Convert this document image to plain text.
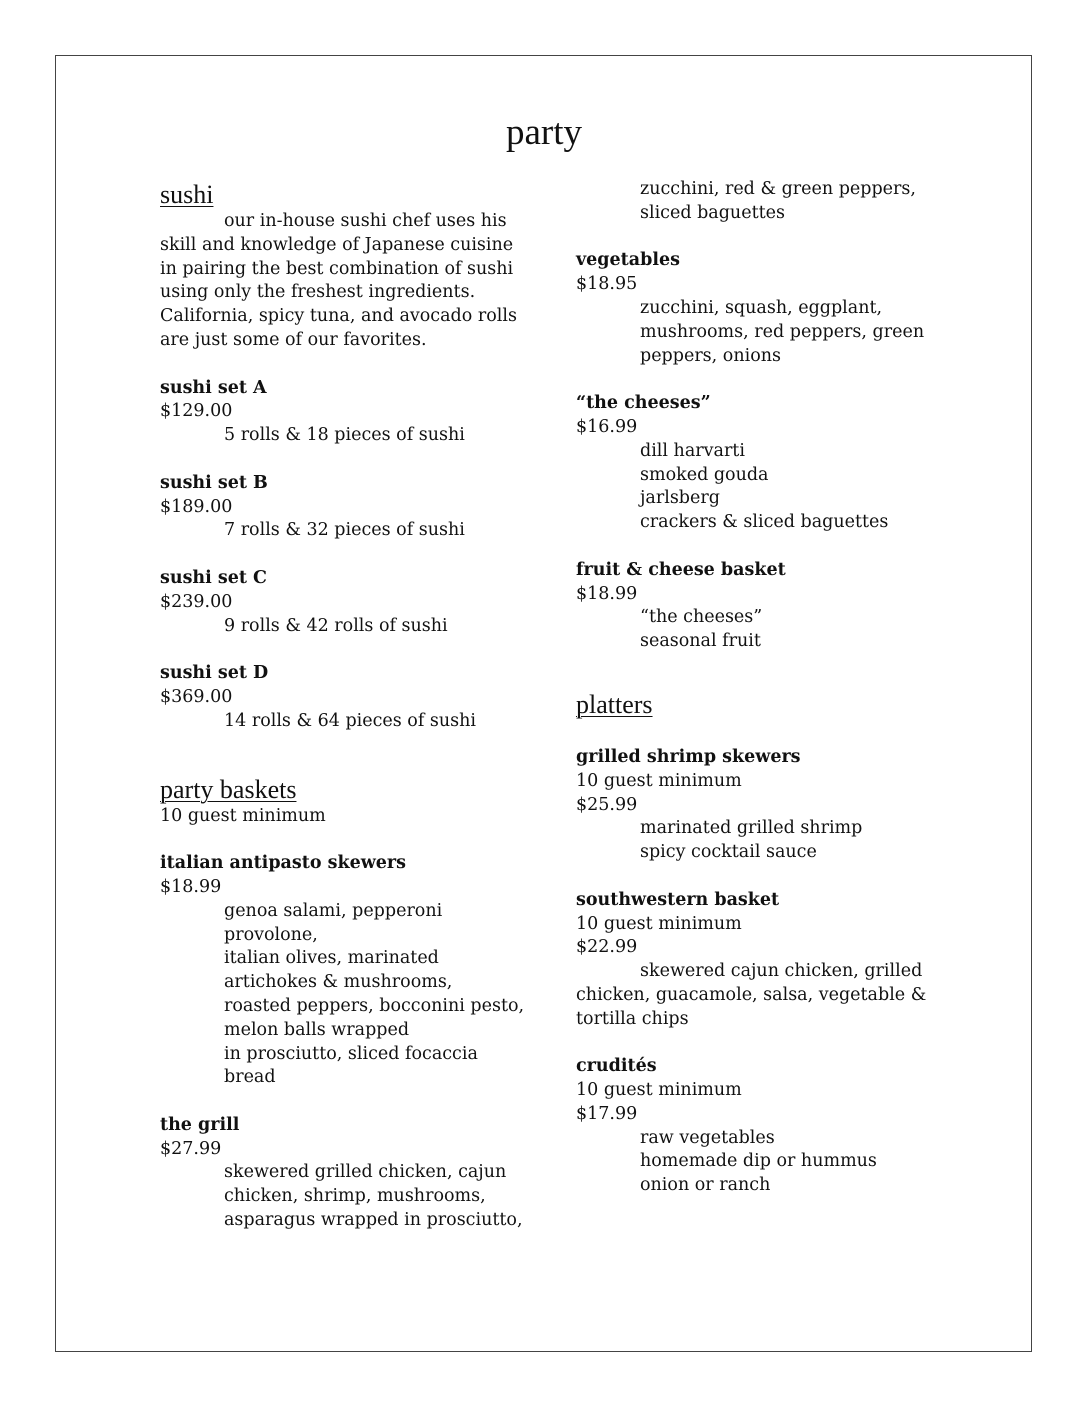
party
sushi
our in-house sushi chef uses his
skill and knowledge of Japanese cuisine
in pairing the best combination of sushi
using only the freshest ingredients.
California, spicy tuna, and avocado rolls
are just some of our favorites.
sushi set A
$129.00
5 rolls & 18 pieces of sushi
sushi set B
$189.00
7 rolls & 32 pieces of sushi
sushi set C
$239.00
9 rolls & 42 rolls of sushi
sushi set D
$369.00
14 rolls & 64 pieces of sushi
party baskets
10 guest minimum
italian antipasto skewers
$18.99
genoa salami, pepperoni
provolone,
italian olives, marinated
artichokes & mushrooms,
roasted peppers, bocconini pesto,
melon balls wrapped
in prosciutto, sliced focaccia
bread
the grill
$27.99
skewered grilled chicken, cajun
chicken, shrimp, mushrooms,
asparagus wrapped in prosciutto,
zucchini, red & green peppers,
sliced baguettes
vegetables
$18.95
zucchini, squash, eggplant,
mushrooms, red peppers, green
peppers, onions
“the cheeses”
$16.99
dill harvarti
smoked gouda
jarlsberg
crackers & sliced baguettes
fruit & cheese basket
$18.99
“the cheeses”
seasonal fruit
platters
grilled shrimp skewers
10 guest minimum
$25.99
marinated grilled shrimp
spicy cocktail sauce
southwestern basket
10 guest minimum
$22.99
skewered cajun chicken, grilled
chicken, guacamole, salsa, vegetable &
tortilla chips
crudités
10 guest minimum
$17.99
raw vegetables
homemade dip or hummus
onion or ranch
